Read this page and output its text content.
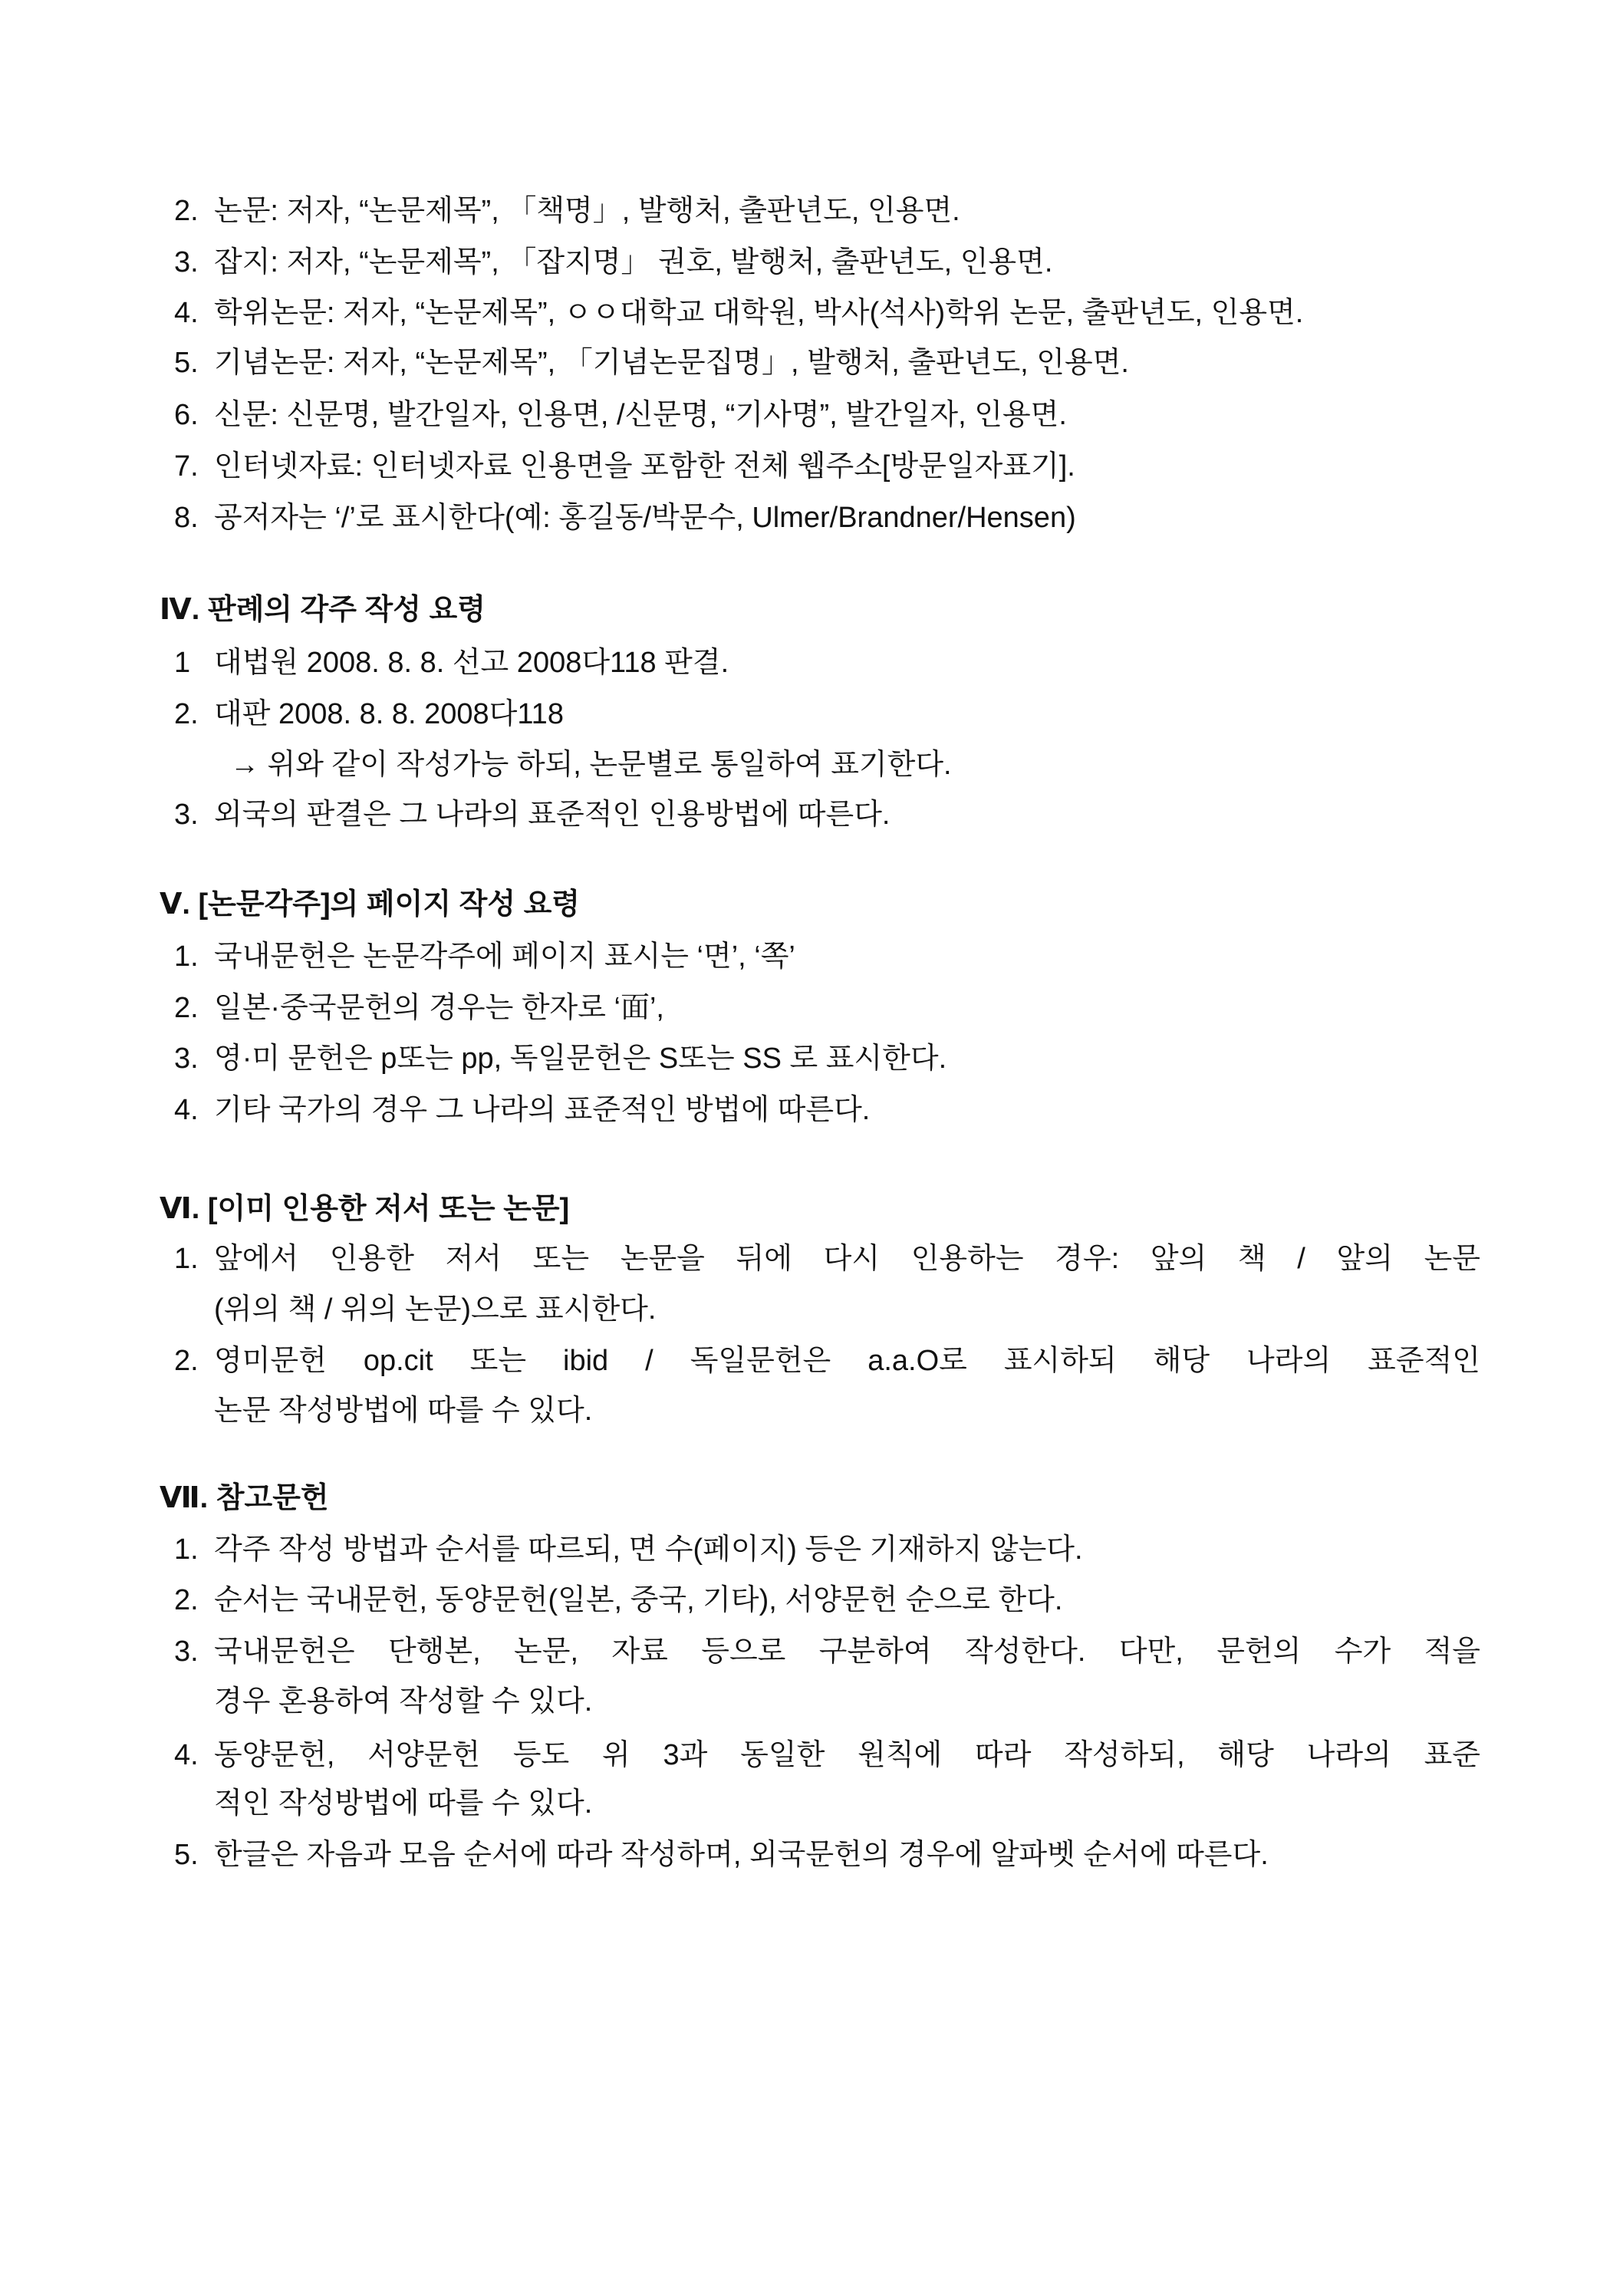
2. 논문: 저자, “논문제목”, 「책명」, 발행처, 출판년도, 인용면.
3. 잡지: 저자, “논문제목”, 「잡지명」 권호, 발행처, 출판년도, 인용면.
4. 학위논문: 저자, “논문제목”, ㅇㅇ대학교 대학원, 박사(석사)학위 논문, 출판년도, 인용면.
5. 기념논문: 저자, “논문제목”, 「기념논문집명」, 발행처, 출판년도, 인용면.
6. 신문: 신문명, 발간일자, 인용면, /신문명, “기사명”, 발간일자, 인용면.
7. 인터넷자료: 인터넷자료 인용면을 포함한 전체 웹주소[방문일자표기].
8. 공저자는 ‘/’로 표시한다(예: 홍길동/박문수, Ulmer/Brandner/Hensen)
Ⅳ. 판례의 각주 작성 요령
1 대법원 2008. 8. 8. 선고 2008다118 판결.
2. 대판 2008. 8. 8. 2008다118
→ 위와 같이 작성가능 하되, 논문별로 통일하여 표기한다.
3. 외국의 판결은 그 나라의 표준적인 인용방법에 따른다.
Ⅴ. [논문각주]의 페이지 작성 요령
1. 국내문헌은 논문각주에 페이지 표시는 ‘면’, ‘쪽’
2. 일본·중국문헌의 경우는 한자로 ‘面’,
3. 영·미 문헌은 p또는 pp, 독일문헌은 S또는 SS 로 표시한다.
4. 기타 국가의 경우 그 나라의 표준적인 방법에 따른다.
Ⅵ. [이미 인용한 저서 또는 논문]
1. 앞에서 인용한 저서 또는 논문을 뒤에 다시 인용하는 경우: 앞의 책 / 앞의 논문
(위의 책 / 위의 논문)으로 표시한다.
2. 영미문헌 op.cit 또는 ibid / 독일문헌은 a.a.O로 표시하되 해당 나라의 표준적인
논문 작성방법에 따를 수 있다.
Ⅶ. 참고문헌
1. 각주 작성 방법과 순서를 따르되, 면 수(페이지) 등은 기재하지 않는다.
2. 순서는 국내문헌, 동양문헌(일본, 중국, 기타), 서양문헌 순으로 한다.
3. 국내문헌은 단행본, 논문, 자료 등으로 구분하여 작성한다. 다만, 문헌의 수가 적을
경우 혼용하여 작성할 수 있다.
4. 동양문헌, 서양문헌 등도 위 3과 동일한 원칙에 따라 작성하되, 해당 나라의 표준
적인 작성방법에 따를 수 있다.
5. 한글은 자음과 모음 순서에 따라 작성하며, 외국문헌의 경우에 알파벳 순서에 따른다.
